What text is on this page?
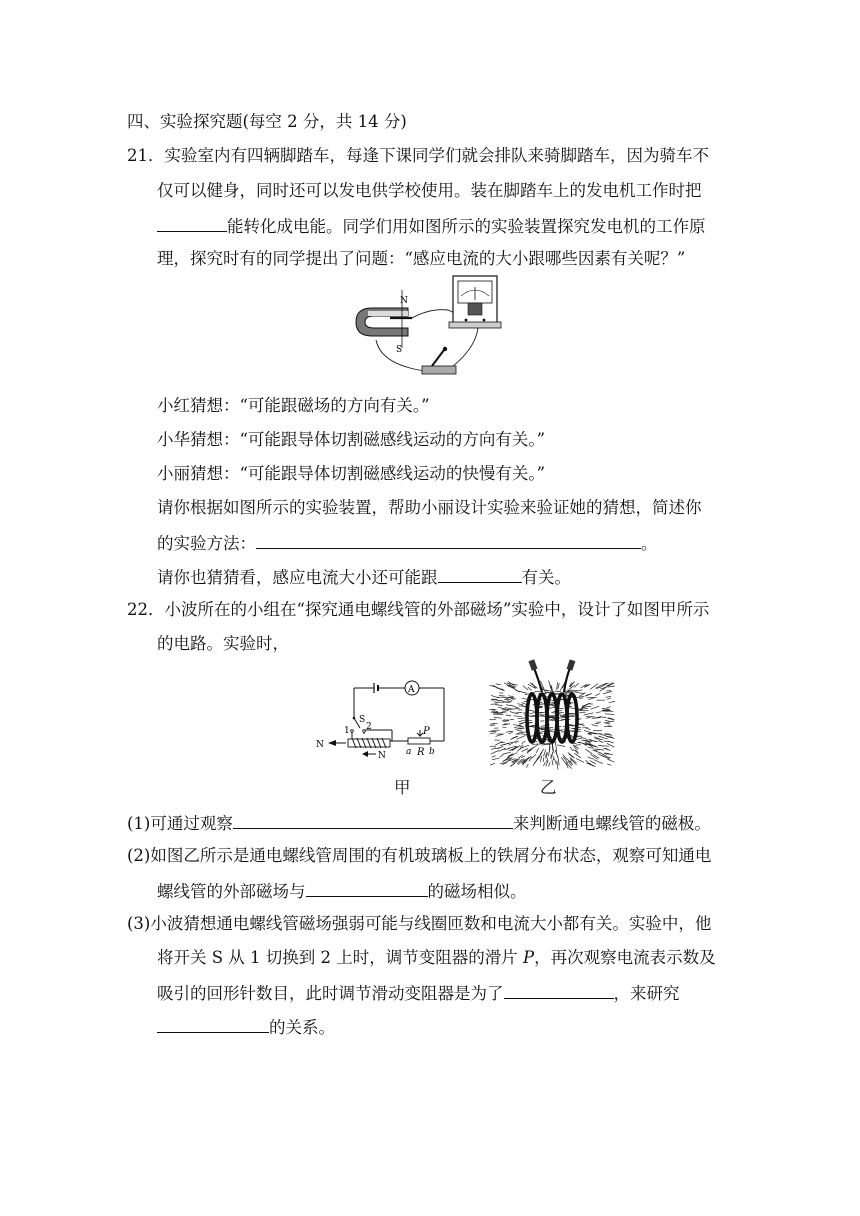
四、实验探究题(每空 2 分，共 14 分)
21．实验室内有四辆脚踏车，每逢下课同学们就会排队来骑脚踏车，因为骑车不
仅可以健身，同时还可以发电供学校使用。装在脚踏车上的发电机工作时把
能转化成电能。同学们用如图所示的实验装置探究发电机的工作原
理，探究时有的同学提出了问题：“感应电流的大小跟哪些因素有关呢？”
N
S
小红猜想：“可能跟磁场的方向有关。”
小华猜想：“可能跟导体切割磁感线运动的方向有关。”
小丽猜想：“可能跟导体切割磁感线运动的快慢有关。”
请你根据如图所示的实验装置，帮助小丽设计实验来验证她的猜想，简述你
的实验方法：	。
请你也猜猜看，感应电流大小还可能跟	有关。
22．小波所在的小组在“探究通电螺线管的外部磁场”实验中，设计了如图甲所示
的电路。实验时，
A
S
1 2
N
N
P
a R b
甲	乙
(1)可通过观察	来判断通电螺线管的磁极。
(2)如图乙所示是通电螺线管周围的有机玻璃板上的铁屑分布状态，观察可知通电
螺线管的外部磁场与	的磁场相似。
(3)小波猜想通电螺线管磁场强弱可能与线圈匝数和电流大小都有关。实验中，他
将开关 S 从 1 切换到 2 上时，调节变阻器的滑片 P，再次观察电流表示数及
吸引的回形针数目，此时调节滑动变阻器是为了	，来研究
的关系。
